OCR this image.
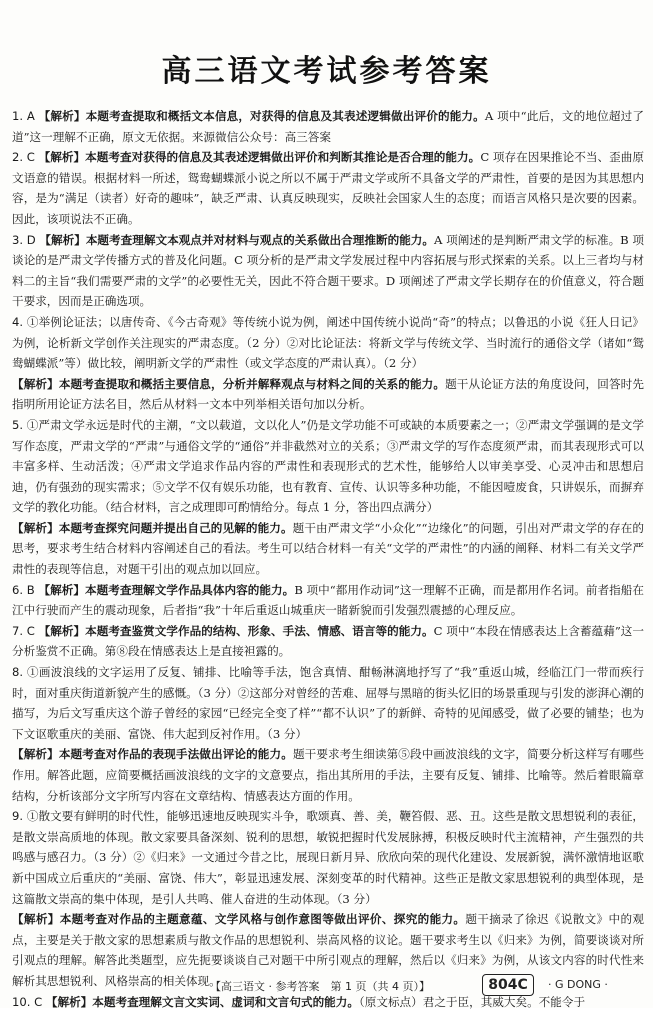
高三语文考试参考答案

1. A 【解析】本题考查提取和概括文本信息，对获得的信息及其表述逻辑做出评价的能力。A 项中“此后，文的地位超过了道”这一理解不正确，原文无依据。来源微信公众号：高三答案

2. C 【解析】本题考查对获得的信息及其表述逻辑做出评价和判断其推论是否合理的能力。C 项存在因果推论不当、歪曲原文语意的错误。根据材料一所述，鸳鸯蝴蝶派小说之所以不属于严肃文学或所不具备文学的严肃性，首要的是因为其思想内容，是为“满足（读者）好奇的趣味”，缺乏严肃、认真反映现实，反映社会国家人生的态度；而语言风格只是次要的因素。因此，该项说法不正确。

3. D 【解析】本题考查理解文本观点并对材料与观点的关系做出合理推断的能力。A 项阐述的是判断严肃文学的标准。B 项谈论的是严肃文学传播方式的普及化问题。C 项分析的是严肃文学发展过程中内容拓展与形式探索的关系。以上三者均与材料二的主旨“我们需要严肃的文学”的必要性无关，因此不符合题干要求。D 项阐述了严肃文学长期存在的价值意义，符合题干要求，因而是正确选项。

4. ①举例论证法；以唐传奇、《今古奇观》等传统小说为例，阐述中国传统小说尚“奇”的特点；以鲁迅的小说《狂人日记》为例，论析新文学创作关注现实的严肃态度。（2 分）②对比论证法：将新文学与传统文学、当时流行的通俗文学（诸如“鸳鸯蝴蝶派”等）做比较，阐明新文学的严肃性（或文学态度的严肃认真）。（2 分）

【解析】本题考查提取和概括主要信息，分析并解释观点与材料之间的关系的能力。题干从论证方法的角度设问，回答时先指明所用论证方法名目，然后从材料一文本中列举相关语句加以分析。

5. ①严肃文学永远是时代的主潮，“文以载道，文以化人”仍是文学功能不可或缺的本质要素之一；②严肃文学强调的是文学写作态度，严肃文学的“严肃”与通俗文学的“通俗”并非截然对立的关系；③严肃文学的写作态度须严肃，而其表现形式可以丰富多样、生动活泼；④严肃文学追求作品内容的严肃性和表现形式的艺术性，能够给人以审美享受、心灵冲击和思想启迪，仍有强劲的现实需求；⑤文学不仅有娱乐功能，也有教育、宣传、认识等多种功能，不能因噎废食，只讲娱乐，而摒弃文学的教化功能。（结合材料，言之成理即可酌情给分。每点 1 分，答出四点满分）

【解析】本题考查探究问题并提出自己的见解的能力。题干由严肃文学“小众化”“边缘化”的问题，引出对严肃文学的存在的思考，要求考生结合材料内容阐述自己的看法。考生可以结合材料一有关“文学的严肃性”的内涵的阐释、材料二有关文学严肃性的表现等信息，对题干引出的观点加以回应。

6. B 【解析】本题考查理解文学作品具体内容的能力。B 项中“都用作动词”这一理解不正确，而是都用作名词。前者指船在江中行驶而产生的震动现象，后者指“我”十年后重返山城重庆一睹新貌而引发强烈震撼的心理反应。

7. C 【解析】本题考查鉴赏文学作品的结构、形象、手法、情感、语言等的能力。C 项中“本段在情感表达上含蓄蕴藉”这一分析鉴赏不正确。第⑧段在情感表达上是直接袒露的。

8. ①画波浪线的文字运用了反复、铺排、比喻等手法，饱含真情、酣畅淋漓地抒写了“我”重返山城，经临江门一带而疾行时，面对重庆街道新貌产生的感慨。（3 分）②这部分对曾经的苦难、屈辱与黑暗的街头忆旧的场景重现与引发的澎湃心潮的描写，为后文写重庆这个游子曾经的家园“已经完全变了样”“都不认识”了的新鲜、奇特的见闻感受，做了必要的铺垫；也为下文讴歌重庆的美丽、富饶、伟大起到反衬作用。（3 分）

【解析】本题考查对作品的表现手法做出评论的能力。题干要求考生细读第⑤段中画波浪线的文字，简要分析这样写有哪些作用。解答此题，应简要概括画波浪线的文字的文意要点，指出其所用的手法，主要有反复、铺排、比喻等。然后着眼篇章结构，分析该部分文字所写内容在文章结构、情感表达方面的作用。

9. ①散文要有鲜明的时代性，能够迅速地反映现实斗争，歌颂真、善、美，鞭笞假、恶、丑。这些是散文思想锐利的表征，是散文崇高质地的体现。散文家要具备深刻、锐利的思想，敏锐把握时代发展脉搏，积极反映时代主流精神，产生强烈的共鸣感与感召力。（3 分）②《归来》一文通过今昔之比，展现日新月异、欣欣向荣的现代化建设、发展新貌，满怀激情地讴歌新中国成立后重庆的“美丽、富饶、伟大”，彰显迅速发展、深刻变革的时代精神。这些正是散文家思想锐利的典型体现，是这篇散文崇高的集中体现，是引人共鸣、催人奋进的生动体现。（3 分）

【解析】本题考查对作品的主题意蕴、文学风格与创作意图等做出评价、探究的能力。题干摘录了徐迟《说散文》中的观点，主要是关于散文家的思想素质与散文作品的思想锐利、崇高风格的议论。题干要求考生以《归来》为例，简要谈谈对所引观点的理解。解答此类题型，应先扼要谈谈自己对题干中所引观点的理解，然后以《归来》为例，从该文内容的时代性来解析其思想锐利、风格崇高的相关体现。

10. C 【解析】本题考查理解文言文实词、虚词和文言句式的能力。（原文标点）君之于臣，其威大矣。不能令于

【高三语文 · 参考答案　第 1 页（共 4 页）】	804C	· G DONG ·
